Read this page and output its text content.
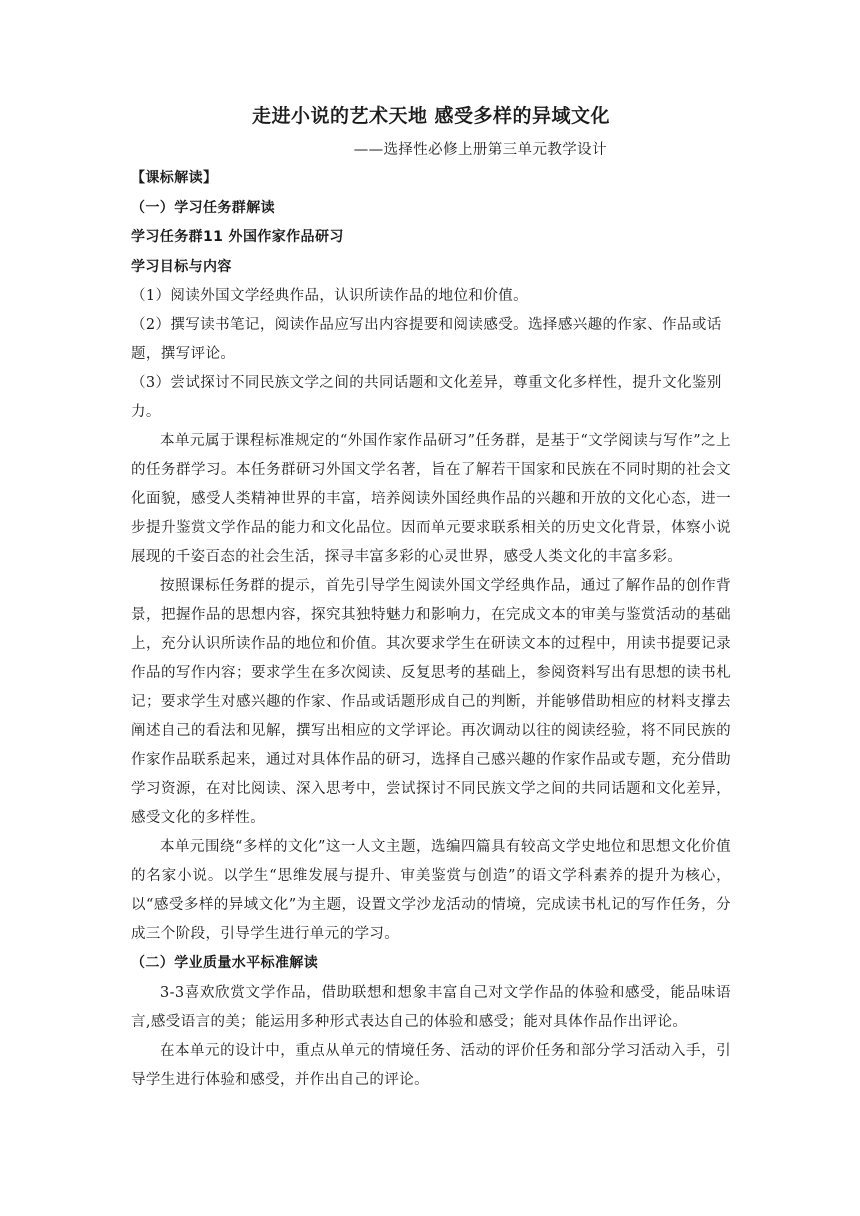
走进小说的艺术天地 感受多样的异域文化

——选择性必修上册第三单元教学设计

【课标解读】

（一）学习任务群解读

学习任务群11 外国作家作品研习

学习目标与内容

（1）阅读外国文学经典作品，认识所读作品的地位和价值。

（2）撰写读书笔记，阅读作品应写出内容提要和阅读感受。选择感兴趣的作家、作品或话题，撰写评论。

（3）尝试探讨不同民族文学之间的共同话题和文化差异，尊重文化多样性，提升文化鉴别力。

本单元属于课程标准规定的“外国作家作品研习”任务群，是基于“文学阅读与写作”之上的任务群学习。本任务群研习外国文学名著，旨在了解若干国家和民族在不同时期的社会文化面貌，感受人类精神世界的丰富，培养阅读外国经典作品的兴趣和开放的文化心态，进一步提升鉴赏文学作品的能力和文化品位。因而单元要求联系相关的历史文化背景，体察小说展现的千姿百态的社会生活，探寻丰富多彩的心灵世界，感受人类文化的丰富多彩。

按照课标任务群的提示，首先引导学生阅读外国文学经典作品，通过了解作品的创作背景，把握作品的思想内容，探究其独特魅力和影响力，在完成文本的审美与鉴赏活动的基础上，充分认识所读作品的地位和价值。其次要求学生在研读文本的过程中，用读书提要记录作品的写作内容；要求学生在多次阅读、反复思考的基础上，参阅资料写出有思想的读书札记；要求学生对感兴趣的作家、作品或话题形成自己的判断，并能够借助相应的材料支撑去阐述自己的看法和见解，撰写出相应的文学评论。再次调动以往的阅读经验，将不同民族的作家作品联系起来，通过对具体作品的研习，选择自己感兴趣的作家作品或专题，充分借助学习资源，在对比阅读、深入思考中，尝试探讨不同民族文学之间的共同话题和文化差异，感受文化的多样性。

本单元围绕“多样的文化”这一人文主题，选编四篇具有较高文学史地位和思想文化价值的名家小说。以学生“思维发展与提升、审美鉴赏与创造”的语文学科素养的提升为核心，以“感受多样的异域文化”为主题，设置文学沙龙活动的情境，完成读书札记的写作任务，分成三个阶段，引导学生进行单元的学习。

（二）学业质量水平标准解读

3-3喜欢欣赏文学作品，借助联想和想象丰富自己对文学作品的体验和感受，能品味语言,感受语言的美；能运用多种形式表达自己的体验和感受；能对具体作品作出评论。

在本单元的设计中，重点从单元的情境任务、活动的评价任务和部分学习活动入手，引导学生进行体验和感受，并作出自己的评论。
